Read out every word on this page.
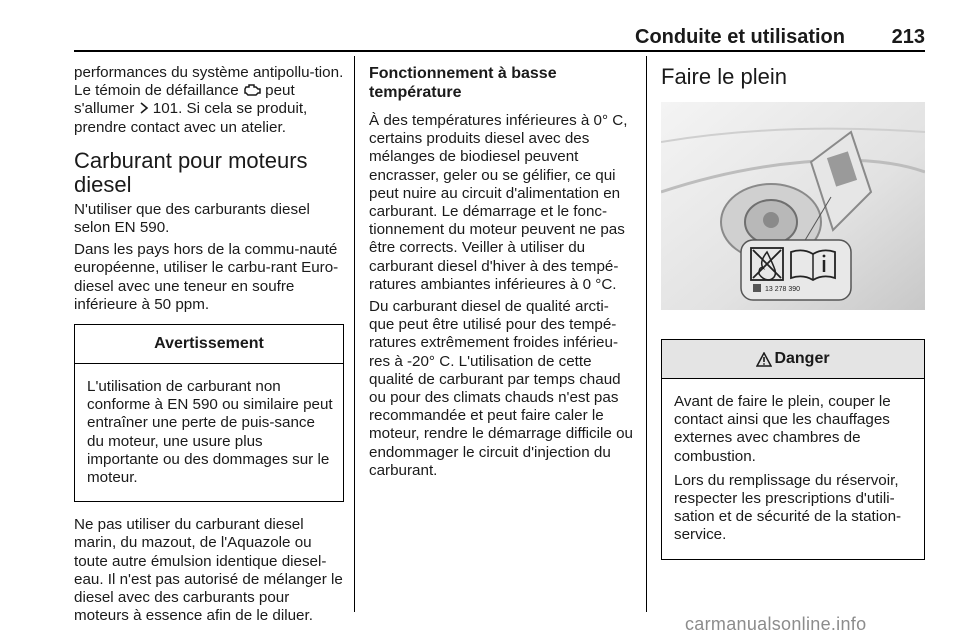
Conduite et utilisation 213

performances du système antipollu-tion. Le témoin de défaillance peut s'allumer 101. Si cela se produit, prendre contact avec un atelier.

Carburant pour moteurs diesel

N'utiliser que des carburants diesel selon EN 590.

Dans les pays hors de la commu-nauté européenne, utiliser le carbu-rant Euro-diesel avec une teneur en soufre inférieure à 50 ppm.

Avertissement

L'utilisation de carburant non conforme à EN 590 ou similaire peut entraîner une perte de puis-sance du moteur, une usure plus importante ou des dommages sur le moteur.

Ne pas utiliser du carburant diesel marin, du mazout, de l'Aquazole ou toute autre émulsion identique diesel-eau. Il n'est pas autorisé de mélanger le diesel avec des carburants pour moteurs à essence afin de le diluer.

Fonctionnement à basse température

À des températures inférieures à 0° C, certains produits diesel avec des mélanges de biodiesel peuvent encrasser, geler ou se gélifier, ce qui peut nuire au circuit d'alimentation en carburant. Le démarrage et le fonc-tionnement du moteur peuvent ne pas être corrects. Veiller à utiliser du carburant diesel d'hiver à des tempé-ratures ambiantes inférieures à 0 °C.

Du carburant diesel de qualité arcti-que peut être utilisé pour des tempé-ratures extrêmement froides inférieu-res à -20° C. L'utilisation de cette qualité de carburant par temps chaud ou pour des climats chauds n'est pas recommandée et peut faire caler le moteur, rendre le démarrage difficile ou endommager le circuit d'injection du carburant.

Faire le plein
13 278 390
Danger

Avant de faire le plein, couper le contact ainsi que les chauffages externes avec chambres de combustion.

Lors du remplissage du réservoir, respecter les prescriptions d'utili-sation et de sécurité de la station-service.

carmanualsonline.info
